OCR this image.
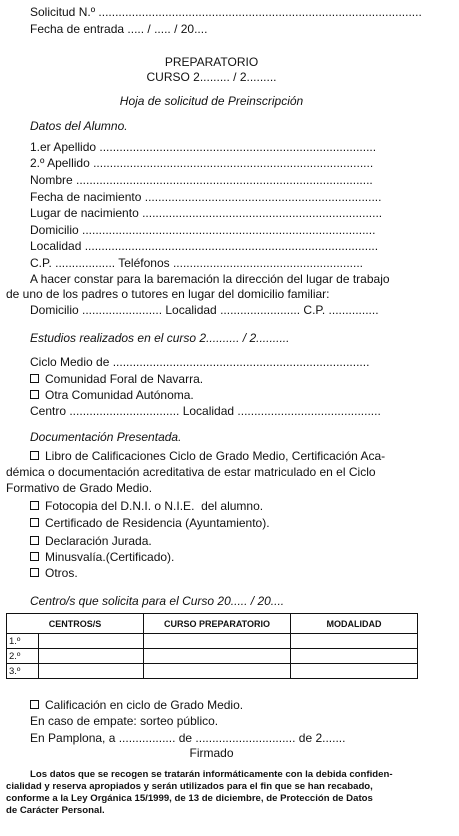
Solicitud N.º .................................................................................................
Fecha de entrada ..... / ..... / 20....
PREPARATORIO
CURSO 2......... / 2.........
Hoja de solicitud de Preinscripción
Datos del Alumno.
1.er Apellido ...................................................................................
2.º Apellido ....................................................................................
Nombre .........................................................................................
Fecha de nacimiento .......................................................................
Lugar de nacimiento ........................................................................
Domicilio ........................................................................................
Localidad ........................................................................................
C.P. .................. Teléfonos .........................................................
A hacer constar para la baremación la dirección del lugar de trabajo
de uno de los padres o tutores en lugar del domicilio familiar:
Domicilio ........................ Localidad ........................ C.P. ...............
Estudios realizados en el curso 2.......... / 2..........
Ciclo Medio de .............................................................................
Comunidad Foral de Navarra.
Otra Comunidad Autónoma.
Centro ................................. Localidad ...........................................
Documentación Presentada.
Libro de Calificaciones Ciclo de Grado Medio, Certificación Aca-
démica o documentación acreditativa de estar matriculado en el Ciclo
Formativo de Grado Medio.
Fotocopia del D.N.I. o N.I.E.  del alumno.
Certificado de Residencia (Ayuntamiento).
Declaración Jurada.
Minusvalía.(Certificado).
Otros.
Centro/s que solicita para el Curso 20..... / 20....
CENTROS/S		CURSO PREPARATORIO	MODALIDAD
1.º			
2.º			
3.º			
Calificación en ciclo de Grado Medio.
En caso de empate: sorteo público.
En Pamplona, a ................. de .............................. de 2.......
Firmado
Los datos que se recogen se tratarán informáticamente con la debida confiden-
cialidad y reserva apropiados y serán utilizados para el fin que se han recabado,
conforme a la Ley Orgánica 15/1999, de 13 de diciembre, de Protección de Datos
de Carácter Personal.
